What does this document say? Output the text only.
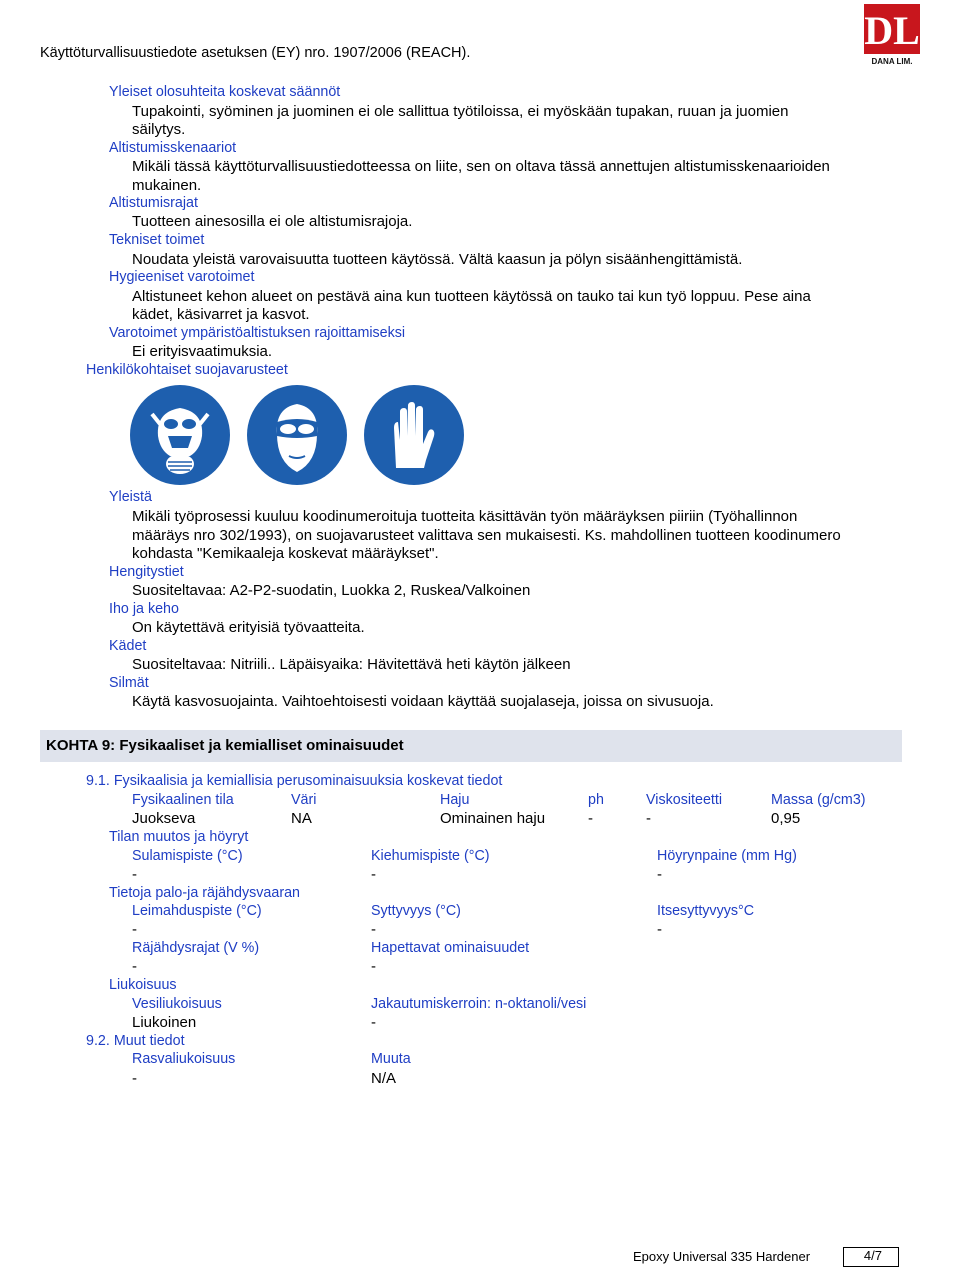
Käyttöturvallisuustiedote asetuksen (EY) nro. 1907/2006 (REACH).	DL
DANA LIM.
Yleiset olosuhteita koskevat säännöt
Tupakointi, syöminen ja juominen ei ole sallittua työtiloissa, ei myöskään tupakan, ruuan ja juomien
säilytys.
Altistumisskenaariot
Mikäli tässä käyttöturvallisuustiedotteessa on liite, sen on oltava tässä annettujen altistumisskenaarioiden
mukainen.
Altistumisrajat
Tuotteen ainesosilla ei ole altistumisrajoja.
Tekniset toimet
Noudata yleistä varovaisuutta tuotteen käytössä. Vältä kaasun ja pölyn sisäänhengittämistä.
Hygieeniset varotoimet
Altistuneet kehon alueet on pestävä aina kun tuotteen käytössä on tauko tai kun työ loppuu. Pese aina
kädet, käsivarret ja kasvot.
Varotoimet ympäristöaltistuksen rajoittamiseksi
Ei erityisvaatimuksia.
Henkilökohtaiset suojavarusteet
Yleistä
Mikäli työprosessi kuuluu koodinumeroituja tuotteita käsittävän työn määräyksen piiriin (Työhallinnon
määräys nro 302/1993), on suojavarusteet valittava sen mukaisesti. Ks. mahdollinen tuotteen koodinumero
kohdasta "Kemikaaleja koskevat määräykset".
Hengitystiet
Suositeltavaa: A2-P2-suodatin, Luokka 2, Ruskea/Valkoinen
Iho ja keho
On käytettävä erityisiä työvaatteita.
Kädet
Suositeltavaa: Nitriili.. Läpäisyaika: Hävitettävä heti käytön jälkeen
Silmät
Käytä kasvosuojainta. Vaihtoehtoisesti voidaan käyttää suojalaseja, joissa on sivusuoja.
KOHTA 9: Fysikaaliset ja kemialliset ominaisuudet
9.1. Fysikaalisia ja kemiallisia perusominaisuuksia koskevat tiedot
Fysikaalinen tila	Väri	Haju	ph	Viskositeetti	Massa (g/cm3)
Juokseva	NA	Ominainen haju	-	-	0,95
Tilan muutos ja höyryt
Sulamispiste (°C)	Kiehumispiste (°C)	Höyrynpaine (mm Hg)
-	-	-
Tietoja palo-ja räjähdysvaaran
Leimahduspiste (°C)	Syttyvyys (°C)	Itsesyttyvyys°C
-	-	-
Räjähdysrajat (V %)	Hapettavat ominaisuudet
-	-
Liukoisuus
Vesiliukoisuus	Jakautumiskerroin: n-oktanoli/vesi
Liukoinen	-
9.2. Muut tiedot
Rasvaliukoisuus	Muuta
-	N/A
Epoxy Universal 335 Hardener	4/7
